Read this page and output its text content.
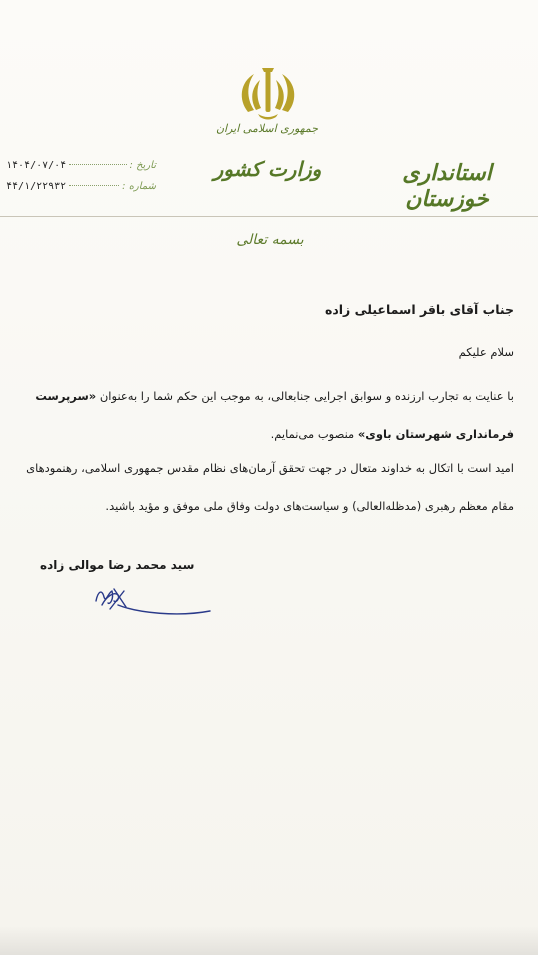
جمهوری اسلامی ایران
وزارت کشور	استانداری خوزستان
۱۴۰۴/۰۷/۰۴	تاریخ :
۴۴/۱/۲۲۹۳۲	شماره :
بسمه تعالی
جناب آقای باقر اسماعیلی زاده
سلام علیکم
با عنایت به تجارب ارزنده و سوابق اجرایی جنابعالی، به موجب این حکم شما را به‌عنوان «سرپرست فرمانداری شهرستان باوی» منصوب می‌نمایم.
امید است با اتکال به خداوند متعال در جهت تحقق آرمان‌های نظام مقدس جمهوری اسلامی، رهنمودهای مقام معظم رهبری (مدظله‌العالی) و سیاست‌های دولت وفاق ملی موفق و مؤید باشید.
سید محمد رضا موالی زاده
